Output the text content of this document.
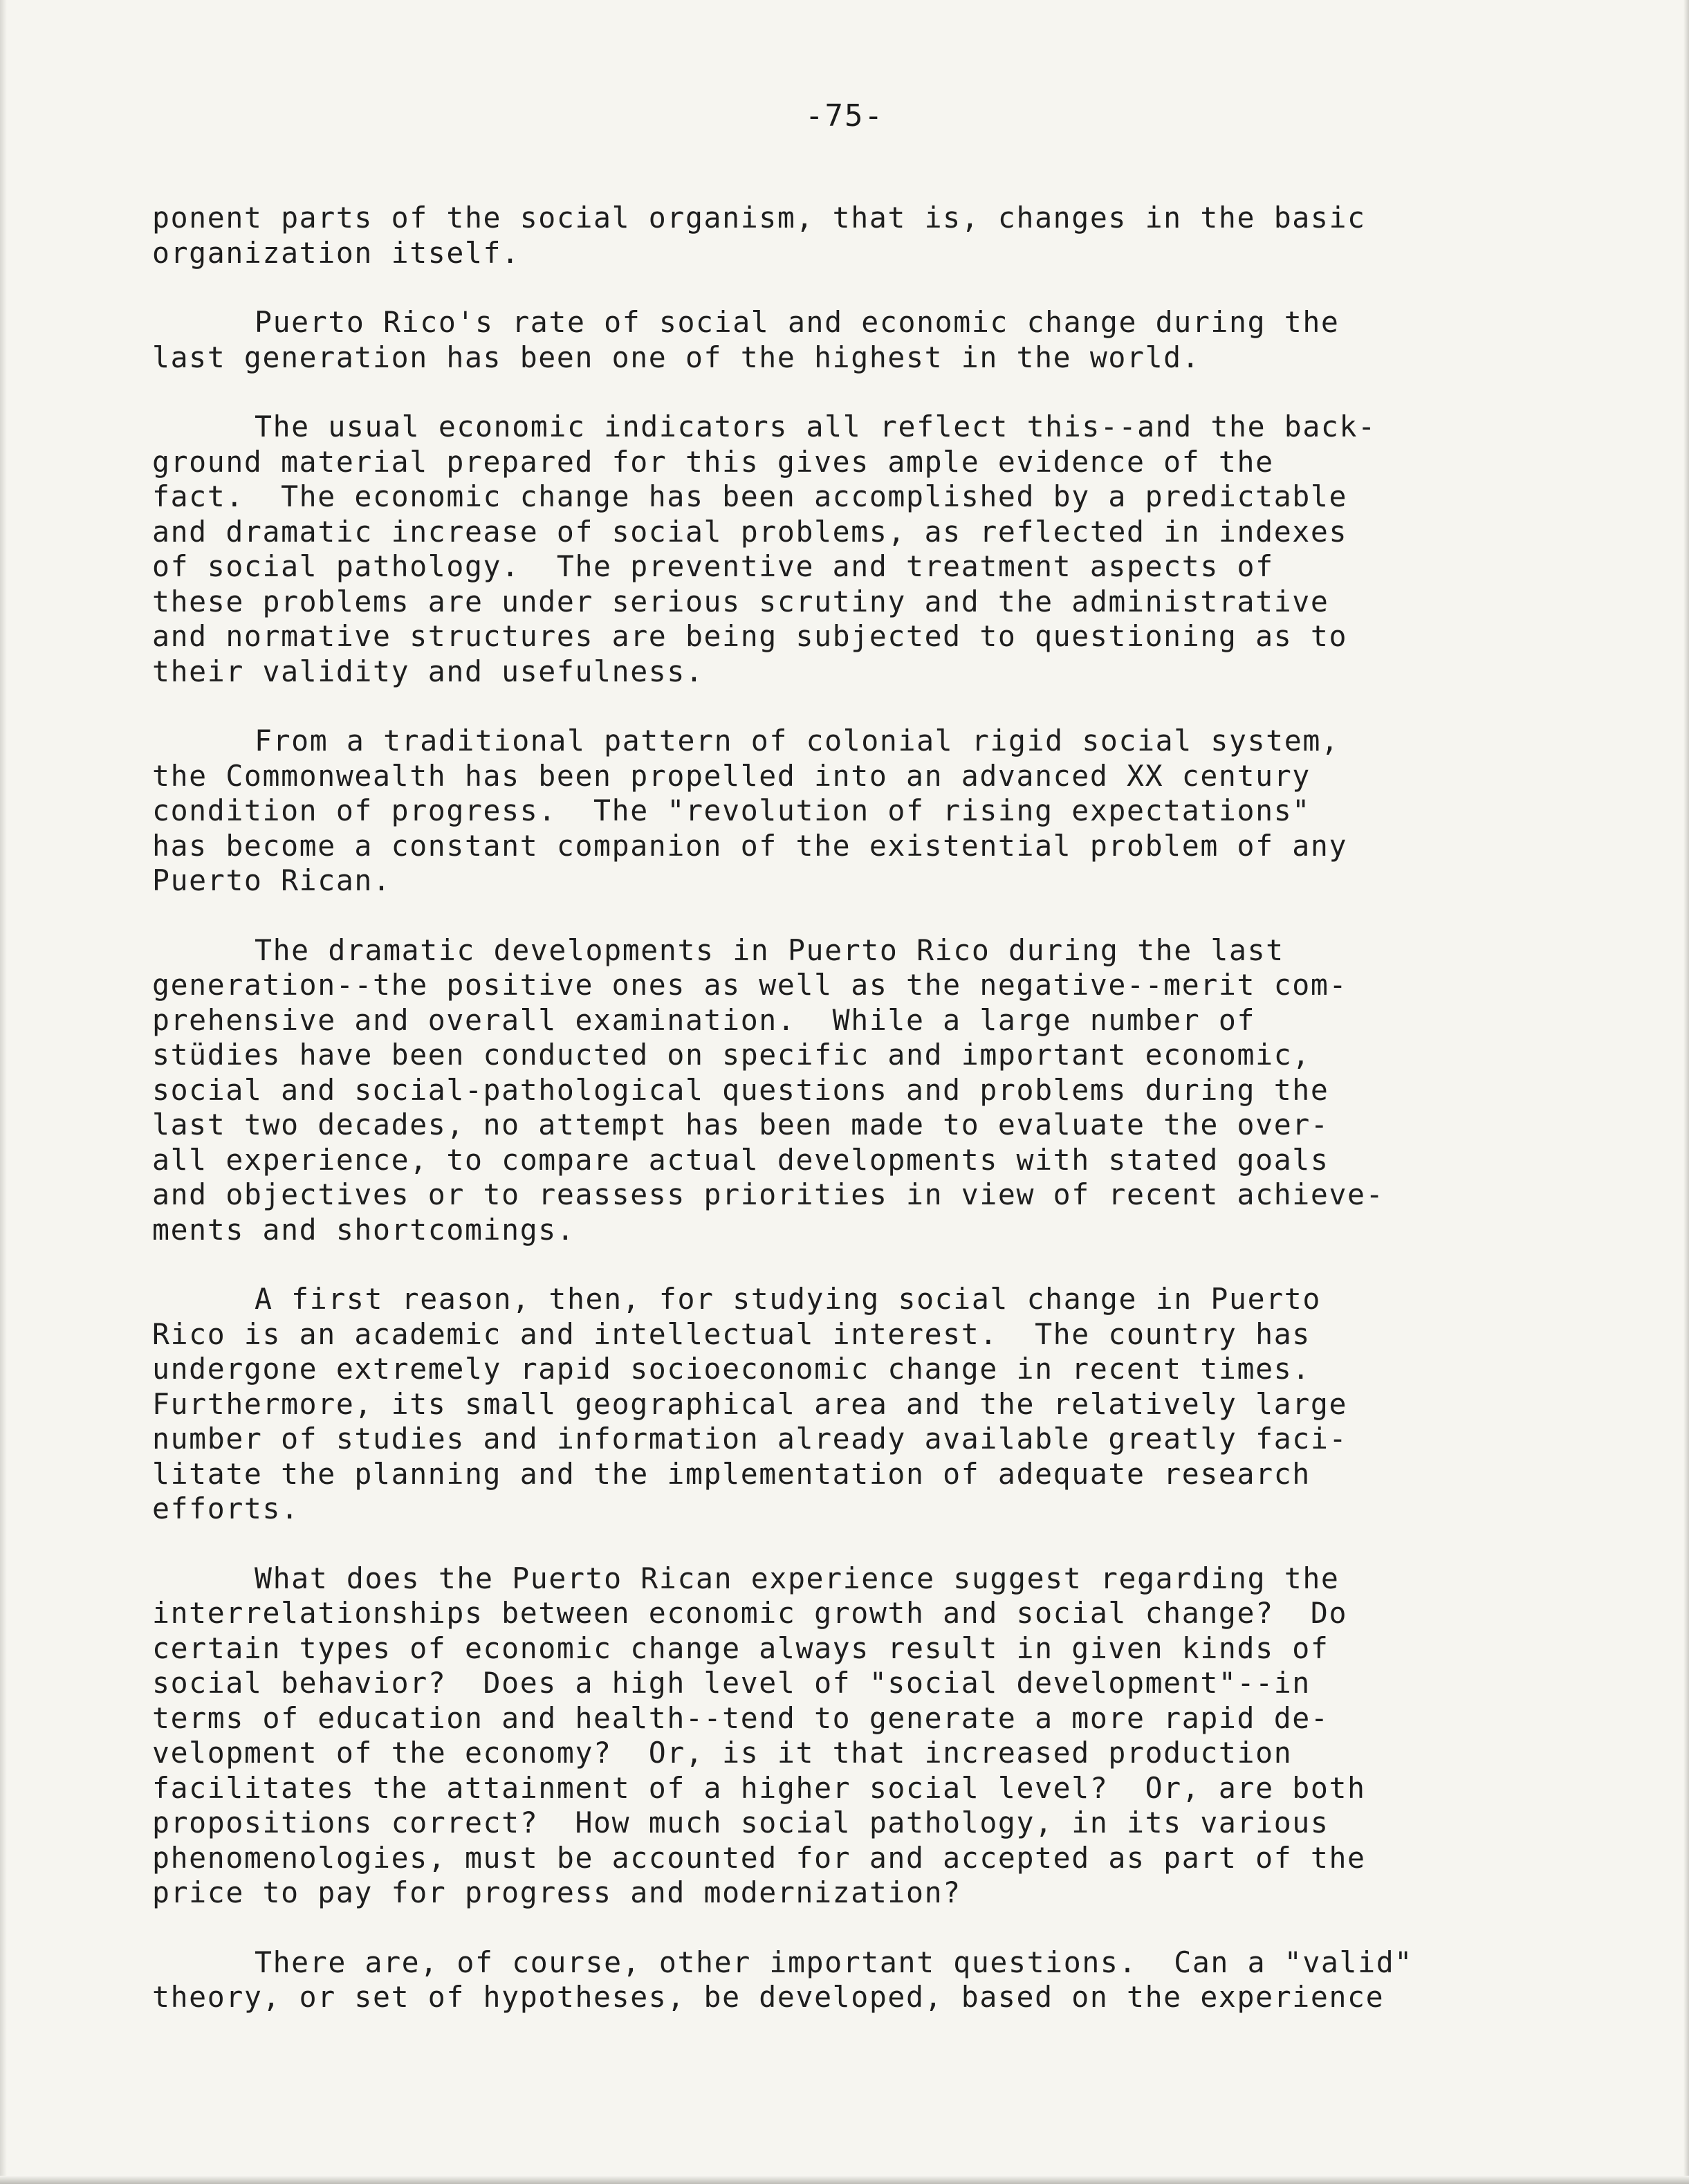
-75-
ponent parts of the social organism, that is, changes in the basic
organization itself.
Puerto Rico's rate of social and economic change during the
last generation has been one of the highest in the world.
The usual economic indicators all reflect this--and the back-
ground material prepared for this gives ample evidence of the
fact.  The economic change has been accomplished by a predictable
and dramatic increase of social problems, as reflected in indexes
of social pathology.  The preventive and treatment aspects of
these problems are under serious scrutiny and the administrative
and normative structures are being subjected to questioning as to
their validity and usefulness.
From a traditional pattern of colonial rigid social system,
the Commonwealth has been propelled into an advanced XX century
condition of progress.  The "revolution of rising expectations"
has become a constant companion of the existential problem of any
Puerto Rican.
The dramatic developments in Puerto Rico during the last
generation--the positive ones as well as the negative--merit com-
prehensive and overall examination.  While a large number of
stüdies have been conducted on specific and important economic,
social and social-pathological questions and problems during the
last two decades, no attempt has been made to evaluate the over-
all experience, to compare actual developments with stated goals
and objectives or to reassess priorities in view of recent achieve-
ments and shortcomings.
A first reason, then, for studying social change in Puerto
Rico is an academic and intellectual interest.  The country has
undergone extremely rapid socioeconomic change in recent times.
Furthermore, its small geographical area and the relatively large
number of studies and information already available greatly faci-
litate the planning and the implementation of adequate research
efforts.
What does the Puerto Rican experience suggest regarding the
interrelationships between economic growth and social change?  Do
certain types of economic change always result in given kinds of
social behavior?  Does a high level of "social development"--in
terms of education and health--tend to generate a more rapid de-
velopment of the economy?  Or, is it that increased production
facilitates the attainment of a higher social level?  Or, are both
propositions correct?  How much social pathology, in its various
phenomenologies, must be accounted for and accepted as part of the
price to pay for progress and modernization?
There are, of course, other important questions.  Can a "valid"
theory, or set of hypotheses, be developed, based on the experience
